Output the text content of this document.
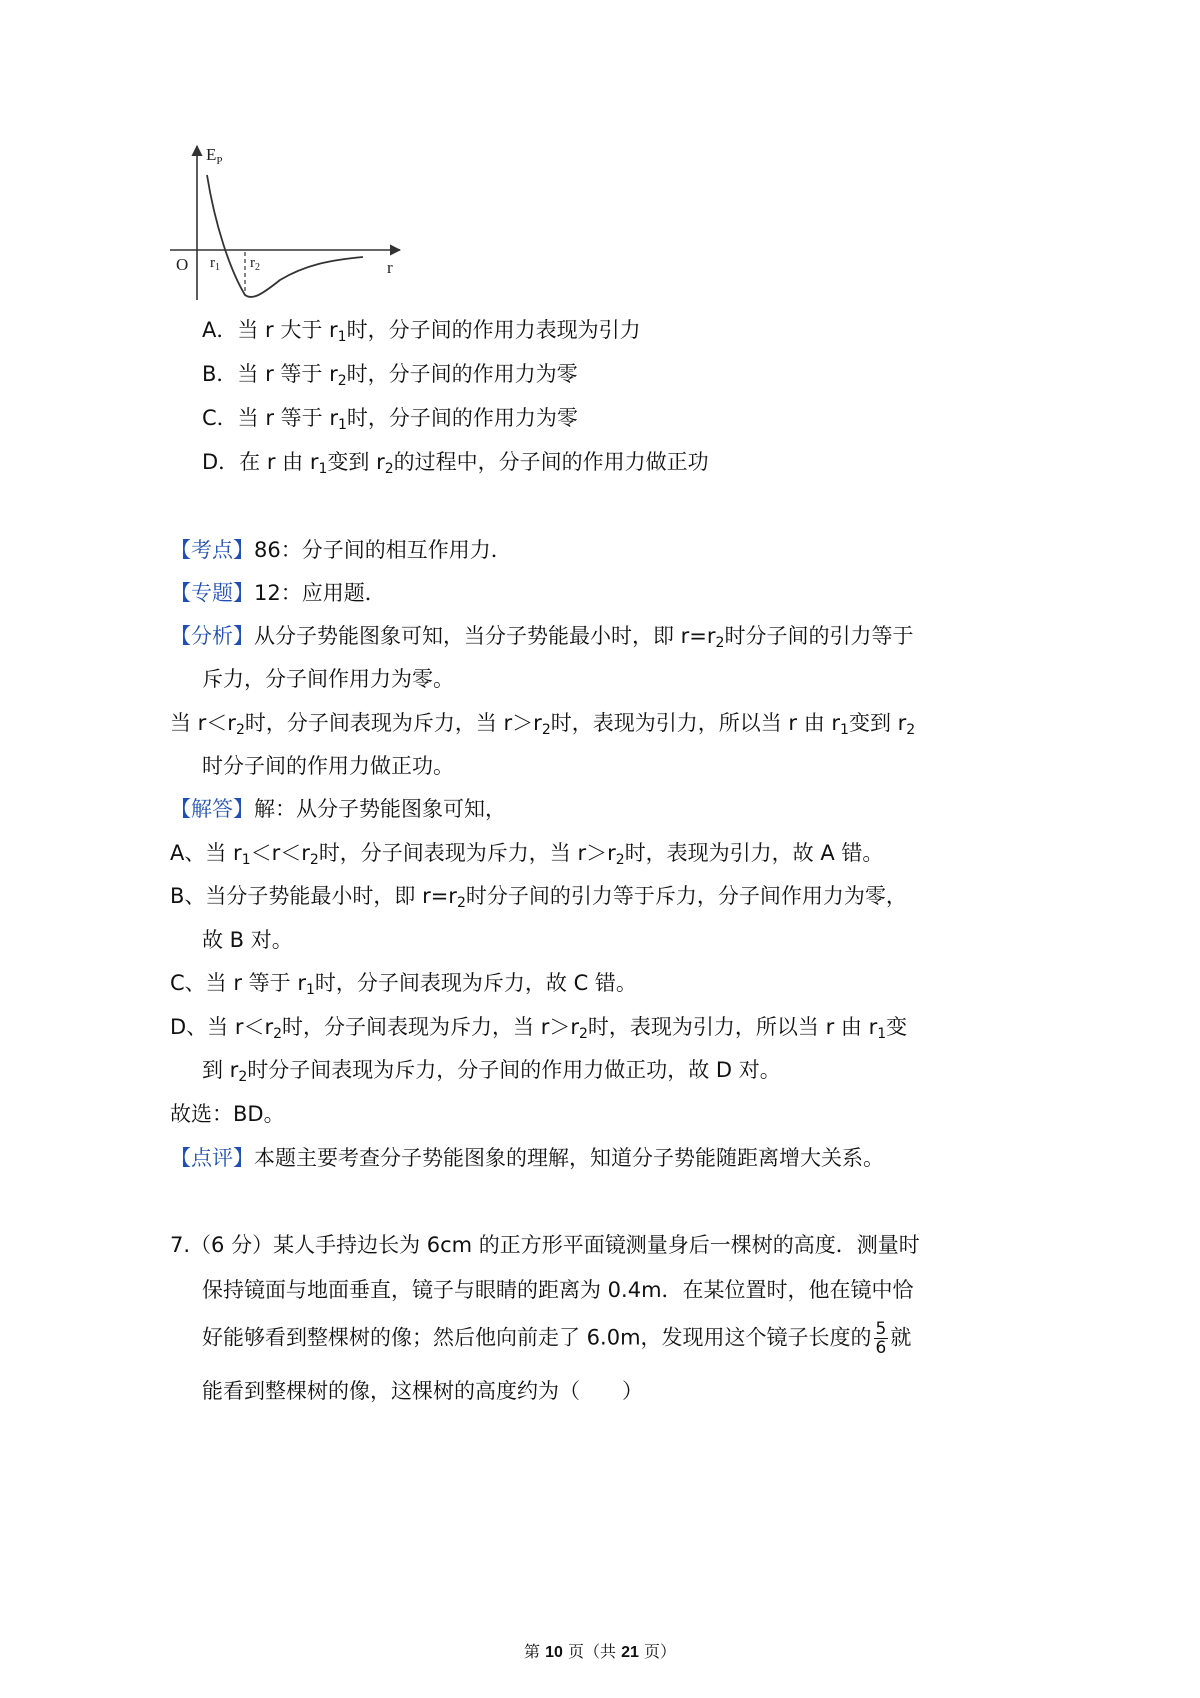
$E_P$
O $r_1$ $r_2$	r
A．当 r 大于 $r_1$时，分子间的作用力表现为引力
B．当 r 等于 $r_2$时，分子间的作用力为零
C．当 r 等于 $r_1$时，分子间的作用力为零
D．在 r 由 $r_1$变到 $r_2$的过程中，分子间的作用力做正功
【考点】86：分子间的相互作用力．
【专题】12：应用题．
【分析】从分子势能图象可知，当分子势能最小时，即 $r=r_2$时分子间的引力等于
斥力，分子间作用力为零。
当 $r<r_2$时，分子间表现为斥力，当 $r>r_2$时，表现为引力，所以当 r 由 $r_1$变到 $r_2$
时分子间的作用力做正功。
【解答】解：从分子势能图象可知，
A、当 $r_1<r<r_2$时，分子间表现为斥力，当 $r>r_2$时，表现为引力，故 A 错。
B、当分子势能最小时，即 $r=r_2$时分子间的引力等于斥力，分子间作用力为零，
故 B 对。
C、当 r 等于 $r_1$时，分子间表现为斥力，故 C 错。
D、当 $r<r_2$时，分子间表现为斥力，当 $r>r_2$时，表现为引力，所以当 r 由 $r_1$变
到 $r_2$时分子间表现为斥力，分子间的作用力做正功，故 D 对。
故选：BD。
【点评】本题主要考查分子势能图象的理解，知道分子势能随距离增大关系。
7.（6 分）某人手持边长为 6cm 的正方形平面镜测量身后一棵树的高度．测量时
保持镜面与地面垂直，镜子与眼睛的距离为 0.4m．在某位置时，他在镜中恰
好能够看到整棵树的像；然后他向前走了 6.0m，发现用这个镜子长度的 $\frac{5}{6}$ 就
能看到整棵树的像，这棵树的高度约为（　　）
第 10 页（共 21 页）
